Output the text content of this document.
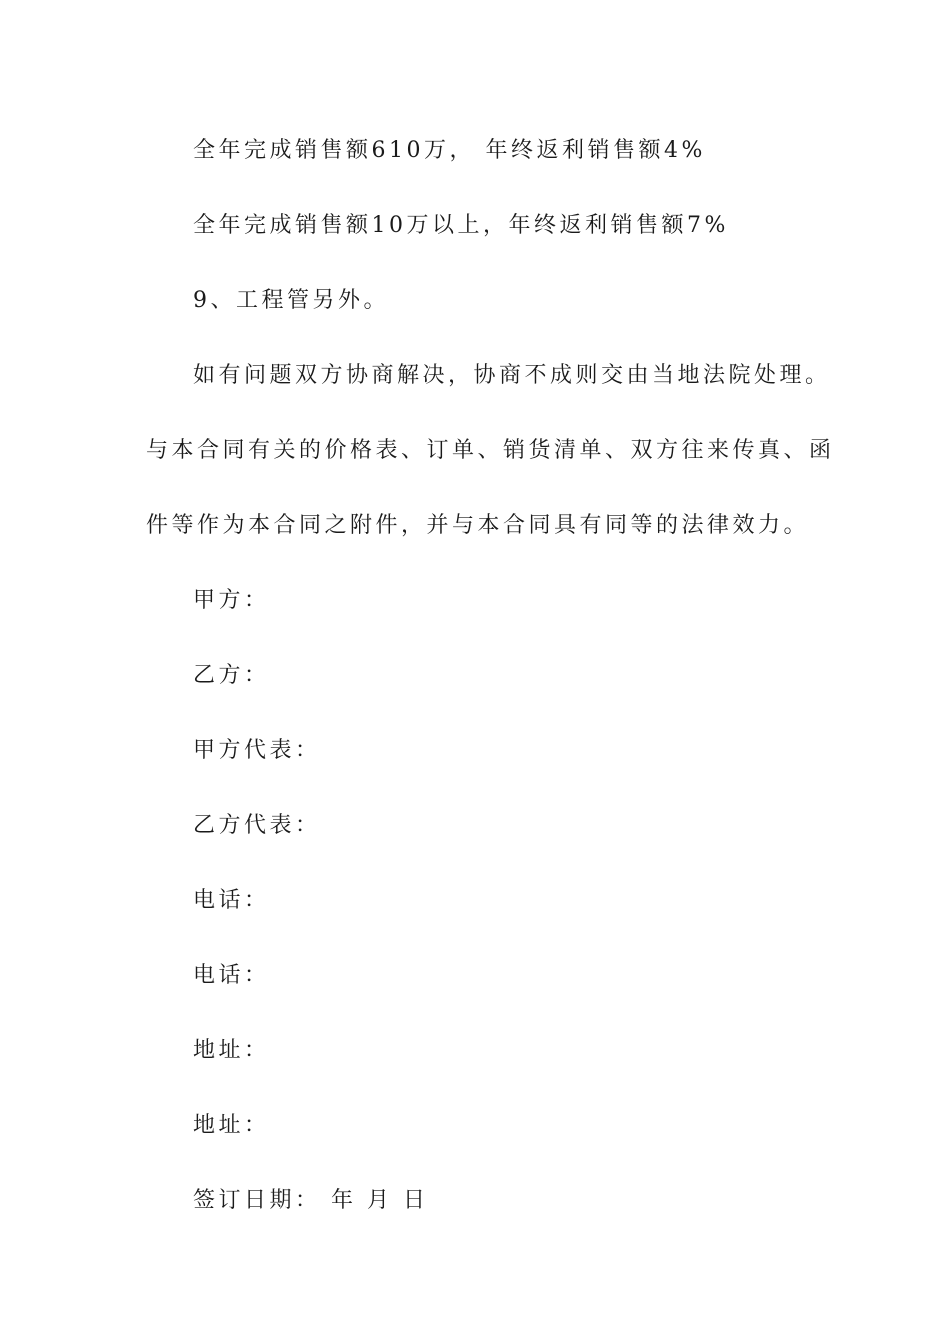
全年完成销售额610万， 年终返利销售额4%
全年完成销售额10万以上，年终返利销售额7%
9、工程管另外。
如有问题双方协商解决，协商不成则交由当地法院处理。
与本合同有关的价格表、订单、销货清单、双方往来传真、函
件等作为本合同之附件，并与本合同具有同等的法律效力。
甲方：
乙方：
甲方代表：
乙方代表：
电话：
电话：
地址：
地址：
签订日期： 年 月 日
